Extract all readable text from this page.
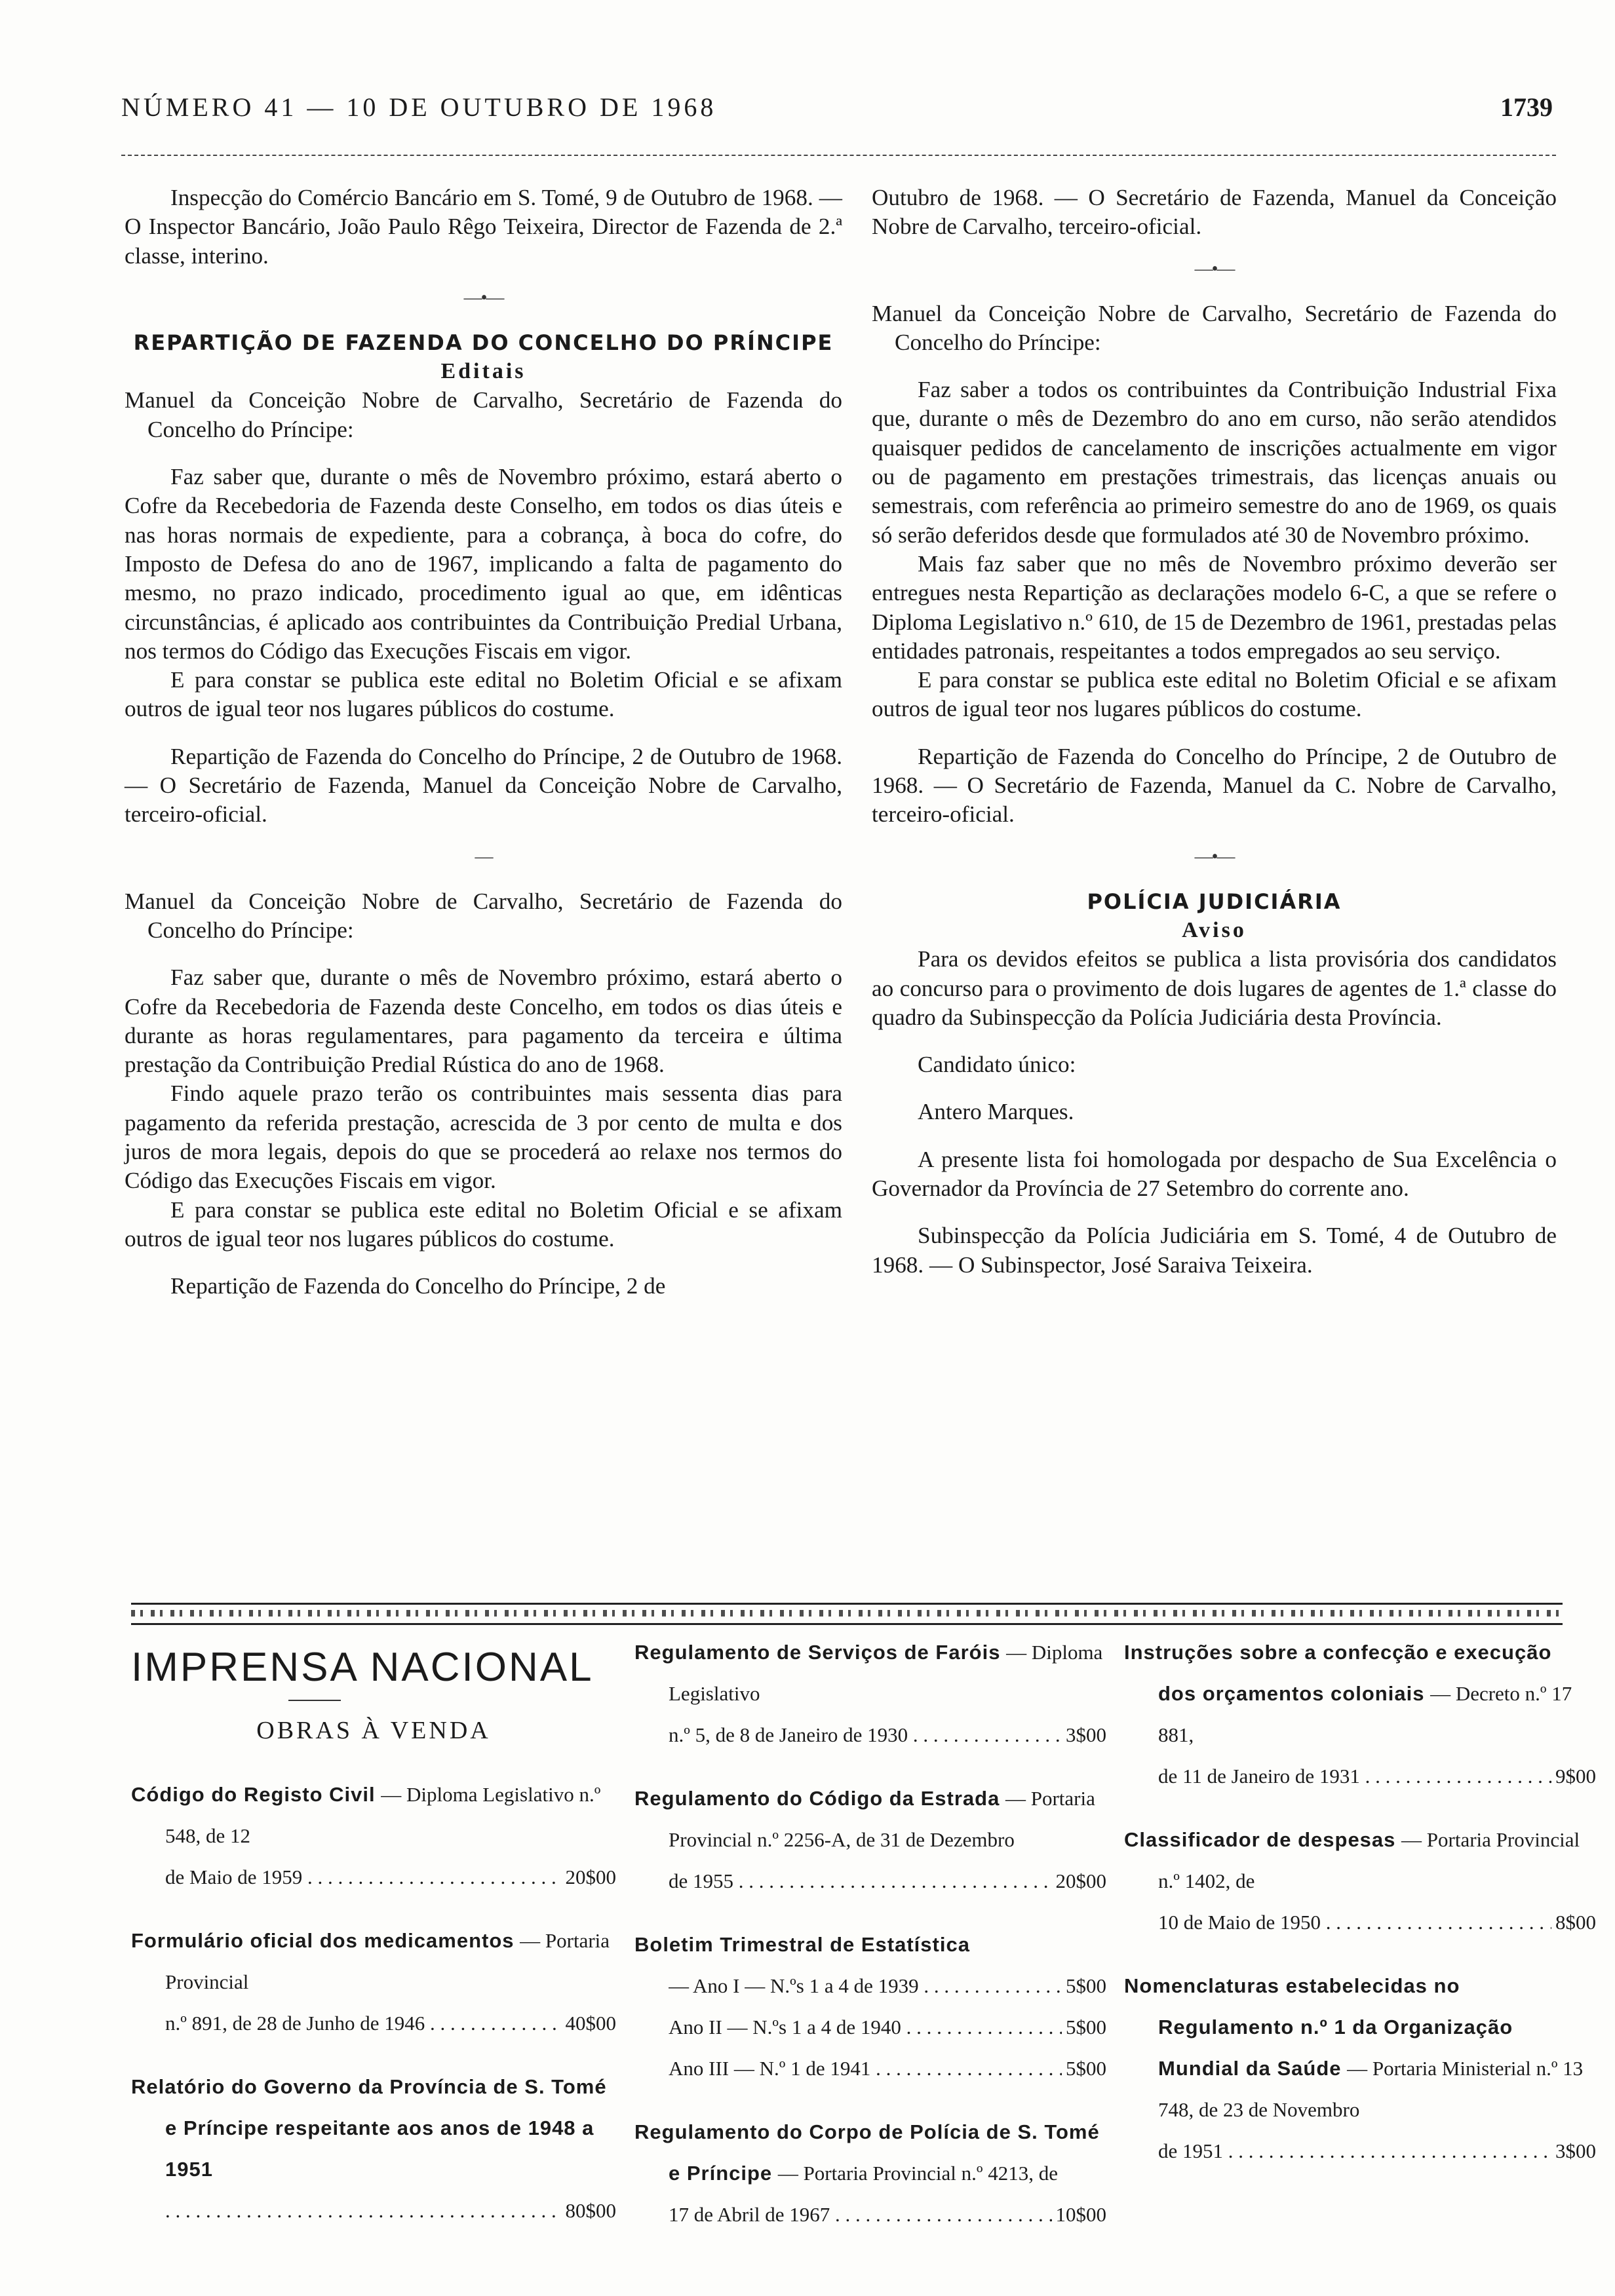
NÚMERO 41 — 10 DE OUTUBRO DE 1968	1739

Inspecção do Comércio Bancário em S. Tomé, 9 de Outubro de 1968. — O Inspector Bancário, João Paulo Rêgo Teixeira, Director de Fazenda de 2.ª classe, interino.

―•―

REPARTIÇÃO DE FAZENDA DO CONCELHO DO PRÍNCIPE

Editais

Manuel da Conceição Nobre de Carvalho, Secretário de Fazenda do Concelho do Príncipe:

Faz saber que, durante o mês de Novembro próximo, estará aberto o Cofre da Recebedoria de Fazenda deste Conselho, em todos os dias úteis e nas horas normais de expediente, para a cobrança, à boca do cofre, do Imposto de Defesa do ano de 1967, implicando a falta de pagamento do mesmo, no prazo indicado, procedimento igual ao que, em idênticas circunstâncias, é aplicado aos contribuintes da Contribuição Predial Urbana, nos termos do Código das Execuções Fiscais em vigor.

E para constar se publica este edital no Boletim Oficial e se afixam outros de igual teor nos lugares públicos do costume.

Repartição de Fazenda do Concelho do Príncipe, 2 de Outubro de 1968. — O Secretário de Fazenda, Manuel da Conceição Nobre de Carvalho, terceiro-oficial.

—

Manuel da Conceição Nobre de Carvalho, Secretário de Fazenda do Concelho do Príncipe:

Faz saber que, durante o mês de Novembro próximo, estará aberto o Cofre da Recebedoria de Fazenda deste Concelho, em todos os dias úteis e durante as horas regulamentares, para pagamento da terceira e última prestação da Contribuição Predial Rústica do ano de 1968.

Findo aquele prazo terão os contribuintes mais sessenta dias para pagamento da referida prestação, acrescida de 3 por cento de multa e dos juros de mora legais, depois do que se procederá ao relaxe nos termos do Código das Execuções Fiscais em vigor.

E para constar se publica este edital no Boletim Oficial e se afixam outros de igual teor nos lugares públicos do costume.

Repartição de Fazenda do Concelho do Príncipe, 2 de

Outubro de 1968. — O Secretário de Fazenda, Manuel da Conceição Nobre de Carvalho, terceiro-oficial.

—•—

Manuel da Conceição Nobre de Carvalho, Secretário de Fazenda do Concelho do Príncipe:

Faz saber a todos os contribuintes da Contribuição Industrial Fixa que, durante o mês de Dezembro do ano em curso, não serão atendidos quaisquer pedidos de cancelamento de inscrições actualmente em vigor ou de pagamento em prestações trimestrais, das licenças anuais ou semestrais, com referência ao primeiro semestre do ano de 1969, os quais só serão deferidos desde que formulados até 30 de Novembro próximo.

Mais faz saber que no mês de Novembro próximo deverão ser entregues nesta Repartição as declarações modelo 6-C, a que se refere o Diploma Legislativo n.º 610, de 15 de Dezembro de 1961, prestadas pelas entidades patronais, respeitantes a todos empregados ao seu serviço.

E para constar se publica este edital no Boletim Oficial e se afixam outros de igual teor nos lugares públicos do costume.

Repartição de Fazenda do Concelho do Príncipe, 2 de Outubro de 1968. — O Secretário de Fazenda, Manuel da C. Nobre de Carvalho, terceiro-oficial.

―•―

POLÍCIA JUDICIÁRIA

Aviso

Para os devidos efeitos se publica a lista provisória dos candidatos ao concurso para o provimento de dois lugares de agentes de 1.ª classe do quadro da Subinspecção da Polícia Judiciária desta Província.

Candidato único:

Antero Marques.

A presente lista foi homologada por despacho de Sua Excelência o Governador da Província de 27 Setembro do corrente ano.

Subinspecção da Polícia Judiciária em S. Tomé, 4 de Outubro de 1968. — O Subinspector, José Saraiva Teixeira.

IMPRENSA NACIONAL

OBRAS À VENDA

Código do Registo Civil — Diploma Legislativo n.º 548, de 12

de Maio de 1959 . . .	20$00

Formulário oficial dos medicamentos — Portaria Provincial

n.º 891, de 28 de Junho de 1946 . . .	40$00

Relatório do Governo da Província de S. Tomé e Príncipe respeitante aos anos de 1948 a 1951

. . .
80$00

Regulamento de Serviços de Faróis — Diploma Legislativo

n.º 5, de 8 de Janeiro de 1930 . . .	3$00

Regulamento do Código da Estrada — Portaria Provincial n.º 2256-A, de 31 de Dezembro

de 1955 . . .	20$00

Boletim Trimestral de Estatística

— Ano I — N.ºs 1 a 4 de 1939 . . .	5$00

Ano II — N.ºs 1 a 4 de 1940 . . .	5$00

Ano III — N.º 1 de 1941 . . .	5$00

Regulamento do Corpo de Polícia de S. Tomé e Príncipe — Portaria Provincial n.º 4213, de

17 de Abril de 1967 . . .	10$00

Instruções sobre a confecção e execução dos orçamentos coloniais — Decreto n.º 17 881,

de 11 de Janeiro de 1931 . . .	9$00

Classificador de despesas — Portaria Provincial n.º 1402, de

10 de Maio de 1950 . . .	8$00

Nomenclaturas estabelecidas no Regulamento n.º 1 da Organização Mundial da Saúde — Portaria Ministerial n.º 13 748, de 23 de Novembro

de 1951 . . .	3$00
